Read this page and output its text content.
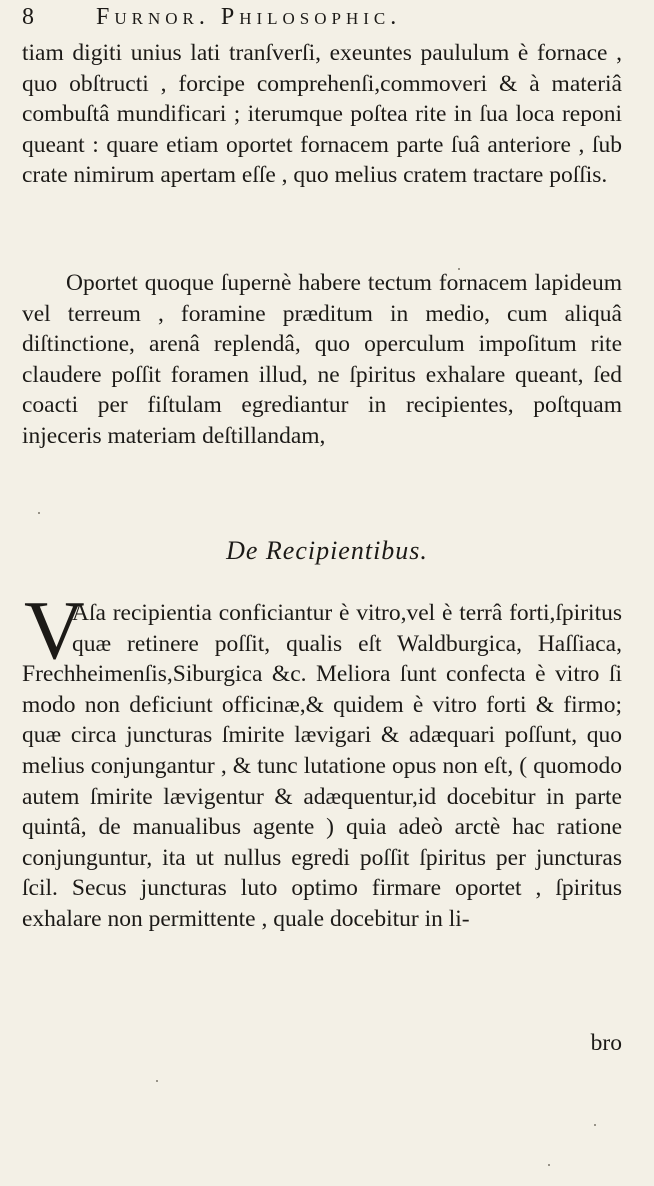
8 Furnor. Philosophic.

tiam digiti unius lati tranſverſi, exeuntes paululum è fornace , quo obſtructi , forcipe comprehenſi,commoveri & à materiâ combuſtâ mundificari ; iterumque poſtea rite in ſua loca reponi queant : quare etiam oportet fornacem parte ſuâ anteriore , ſub crate nimirum apertam eſſe , quo melius cratem tractare poſſis.

Oportet quoque ſupernè habere tectum fornacem lapideum vel terreum , foramine præditum in medio, cum aliquâ diſtinctione, arenâ replendâ, quo operculum impoſitum rite claudere poſſit foramen illud, ne ſpiritus exhalare queant, ſed coacti per fiſtulam egrediantur in recipientes, poſtquam injeceris materiam deſtillandam,

De Recipientibus.
V

Aſa recipientia conficiantur è vitro,vel è terrâ forti,ſpiritus quæ retinere poſſit, qualis eſt Waldburgica, Haſſiaca, Frechheimenſis,Siburgica &c. Meliora ſunt confecta è vitro ſi modo non deficiunt officinæ,& quidem è vitro forti & firmo; quæ circa juncturas ſmirite lævigari & adæquari poſſunt, quo melius conjungantur , & tunc lutatione opus non eſt, ( quomodo autem ſmirite lævigentur & adæquentur,id docebitur in parte quintâ, de manualibus agente ) quia adeò arctè hac ratione conjunguntur, ita ut nullus egredi poſſit ſpiritus per juncturas ſcil. Secus juncturas luto optimo firmare oportet , ſpiritus exhalare non permittente , quale docebitur in li-

bro
